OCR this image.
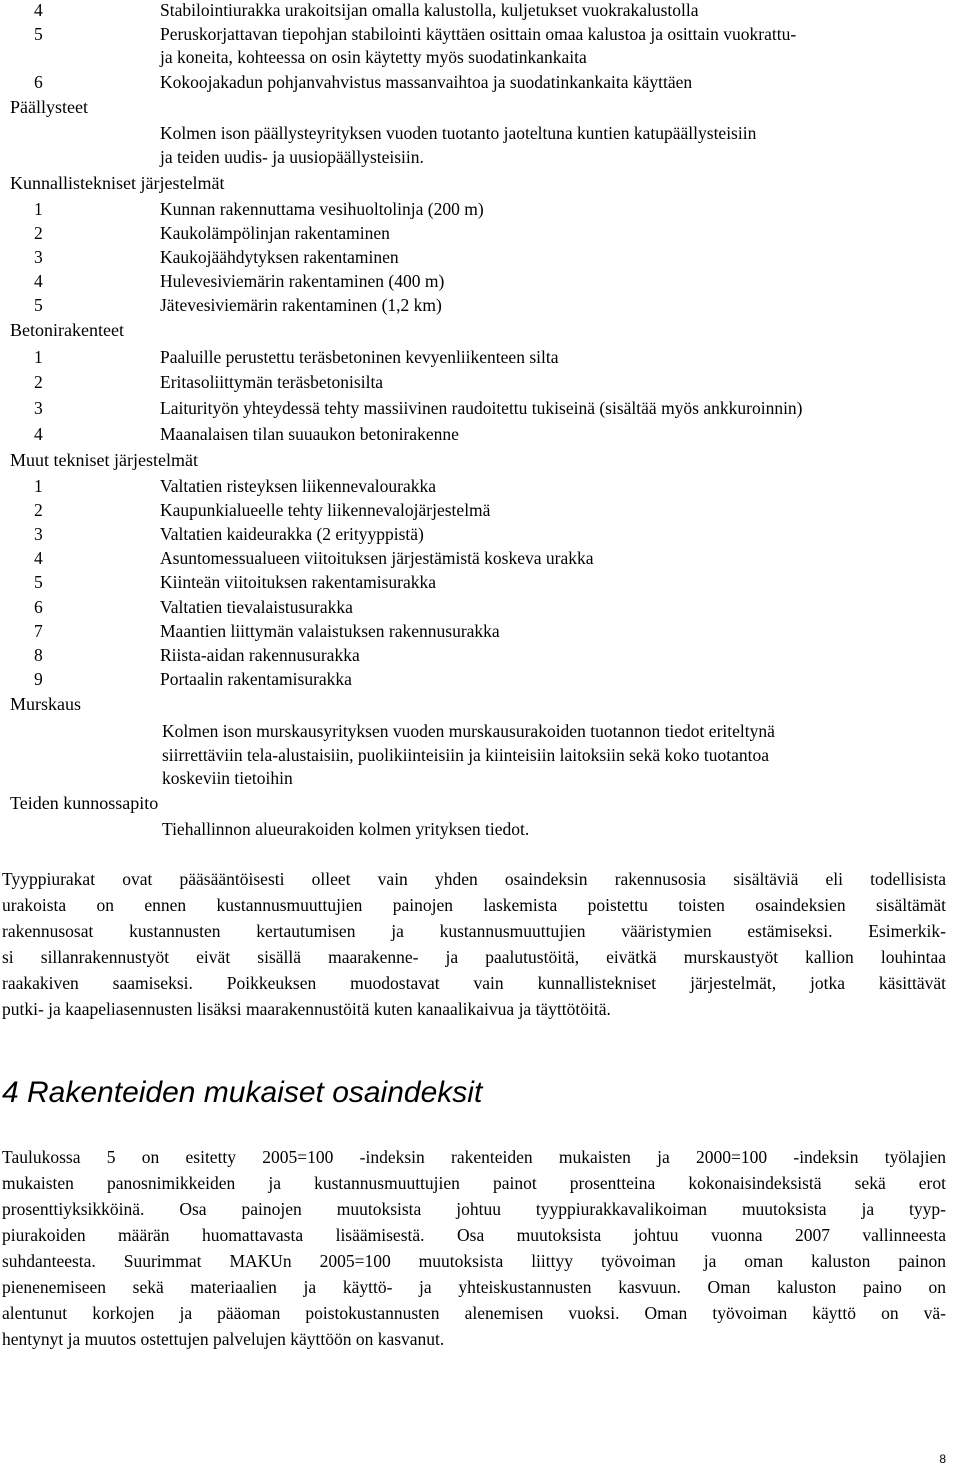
4	Stabilointiurakka urakoitsijan omalla kalustolla, kuljetukset vuokrakalustolla
5	Peruskorjattavan tiepohjan stabilointi käyttäen osittain omaa kalustoa ja osittain vuokrattu-
ja koneita, kohteessa on osin käytetty myös suodatinkankaita
6	Kokoojakadun pohjanvahvistus massanvaihtoa ja suodatinkankaita käyttäen
Päällysteet
Kolmen ison päällysteyrityksen vuoden tuotanto jaoteltuna kuntien katupäällysteisiin
ja teiden uudis- ja uusiopäällysteisiin.
Kunnallistekniset järjestelmät
1	Kunnan rakennuttama vesihuoltolinja (200 m)
2	Kaukolämpölinjan rakentaminen
3	Kaukojäähdytyksen rakentaminen
4	Hulevesiviemärin rakentaminen (400 m)
5	Jätevesiviemärin rakentaminen (1,2 km)
Betonirakenteet
1	Paaluille perustettu teräsbetoninen kevyenliikenteen silta
2	Eritasoliittymän teräsbetonisilta
3	Laiturityön yhteydessä tehty massiivinen raudoitettu tukiseinä (sisältää myös ankkuroinnin)
4	Maanalaisen tilan suuaukon betonirakenne
Muut tekniset järjestelmät
1	Valtatien risteyksen liikennevalourakka
2	Kaupunkialueelle tehty liikennevalojärjestelmä
3	Valtatien kaideurakka (2 erityyppistä)
4	Asuntomessualueen viitoituksen järjestämistä koskeva urakka
5	Kiinteän viitoituksen rakentamisurakka
6	Valtatien tievalaistusurakka
7	Maantien liittymän valaistuksen rakennusurakka
8	Riista-aidan rakennusurakka
9	Portaalin rakentamisurakka
Murskaus
Kolmen ison murskausyrityksen vuoden murskausurakoiden tuotannon tiedot eriteltynä
siirrettäviin tela-alustaisiin, puolikiinteisiin ja kiinteisiin laitoksiin sekä koko tuotantoa
koskeviin tietoihin
Teiden kunnossapito
Tiehallinnon alueurakoiden kolmen yrityksen tiedot.
Tyyppiurakat ovat pääsääntöisesti olleet vain yhden osaindeksin rakennusosia sisältäviä eli todellisista
urakoista on ennen kustannusmuuttujien painojen laskemista poistettu toisten osaindeksien sisältämät
rakennusosat kustannusten kertautumisen ja kustannusmuuttujien vääristymien estämiseksi. Esimerkik-
si sillanrakennustyöt eivät sisällä maarakenne- ja paalutustöitä, eivätkä murskaustyöt kallion louhintaa
raakakiven saamiseksi. Poikkeuksen muodostavat vain kunnallistekniset järjestelmät, jotka käsittävät
putki- ja kaapeliasennusten lisäksi maarakennustöitä kuten kanaalikaivua ja täyttötöitä.
4 Rakenteiden mukaiset osaindeksit
Taulukossa 5 on esitetty 2005=100 -indeksin rakenteiden mukaisten ja 2000=100 -indeksin työlajien
mukaisten panosnimikkeiden ja kustannusmuuttujien painot prosentteina kokonaisindeksistä sekä erot
prosenttiyksikköinä. Osa painojen muutoksista johtuu tyyppiurakkavalikoiman muutoksista ja tyyp-
piurakoiden määrän huomattavasta lisäämisestä. Osa muutoksista johtuu vuonna 2007 vallinneesta
suhdanteesta. Suurimmat MAKUn 2005=100 muutoksista liittyy työvoiman ja oman kaluston painon
pienenemiseen sekä materiaalien ja käyttö- ja yhteiskustannusten kasvuun. Oman kaluston paino on
alentunut korkojen ja pääoman poistokustannusten alenemisen vuoksi. Oman työvoiman käyttö on vä-
hentynyt ja muutos ostettujen palvelujen käyttöön on kasvanut.
8
